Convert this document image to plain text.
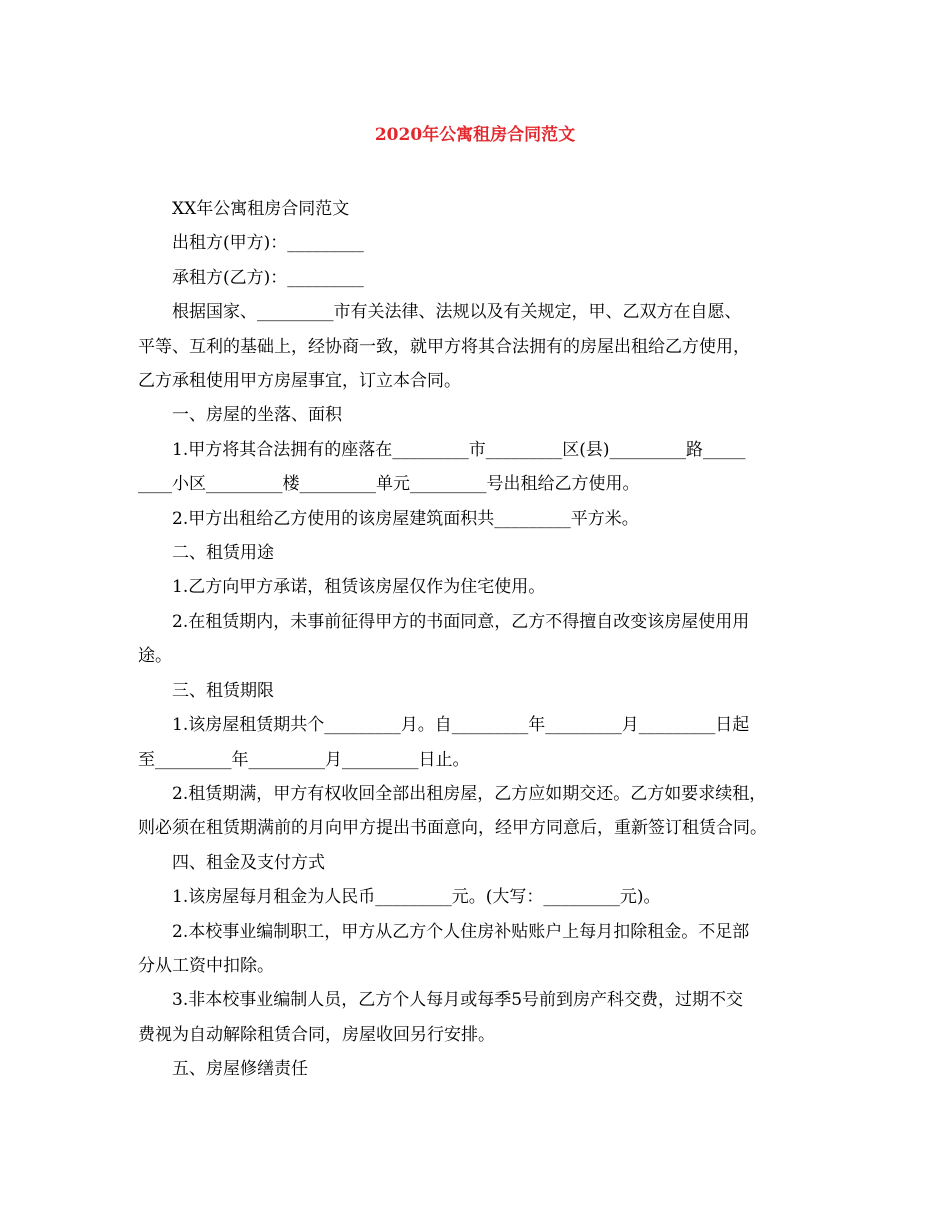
2020年公寓租房合同范文

XX年公寓租房合同范文

出租方(甲方)：_________

承租方(乙方)：_________

根据国家、_________市有关法律、法规以及有关规定，甲、乙双方在自愿、

平等、互利的基础上，经协商一致，就甲方将其合法拥有的房屋出租给乙方使用，

乙方承租使用甲方房屋事宜，订立本合同。

一、房屋的坐落、面积

1.甲方将其合法拥有的座落在_________市_________区(县)_________路_____

____小区_________楼_________单元_________号出租给乙方使用。

2.甲方出租给乙方使用的该房屋建筑面积共_________平方米。

二、租赁用途

1.乙方向甲方承诺，租赁该房屋仅作为住宅使用。

2.在租赁期内，未事前征得甲方的书面同意，乙方不得擅自改变该房屋使用用

途。

三、租赁期限

1.该房屋租赁期共个_________月。自_________年_________月_________日起

至_________年_________月_________日止。

2.租赁期满，甲方有权收回全部出租房屋，乙方应如期交还。乙方如要求续租，

则必须在租赁期满前的月向甲方提出书面意向，经甲方同意后，重新签订租赁合同。

四、租金及支付方式

1.该房屋每月租金为人民币_________元。(大写：_________元)。

2.本校事业编制职工，甲方从乙方个人住房补贴账户上每月扣除租金。不足部

分从工资中扣除。

3.非本校事业编制人员，乙方个人每月或每季5号前到房产科交费，过期不交

费视为自动解除租赁合同，房屋收回另行安排。

五、房屋修缮责任
